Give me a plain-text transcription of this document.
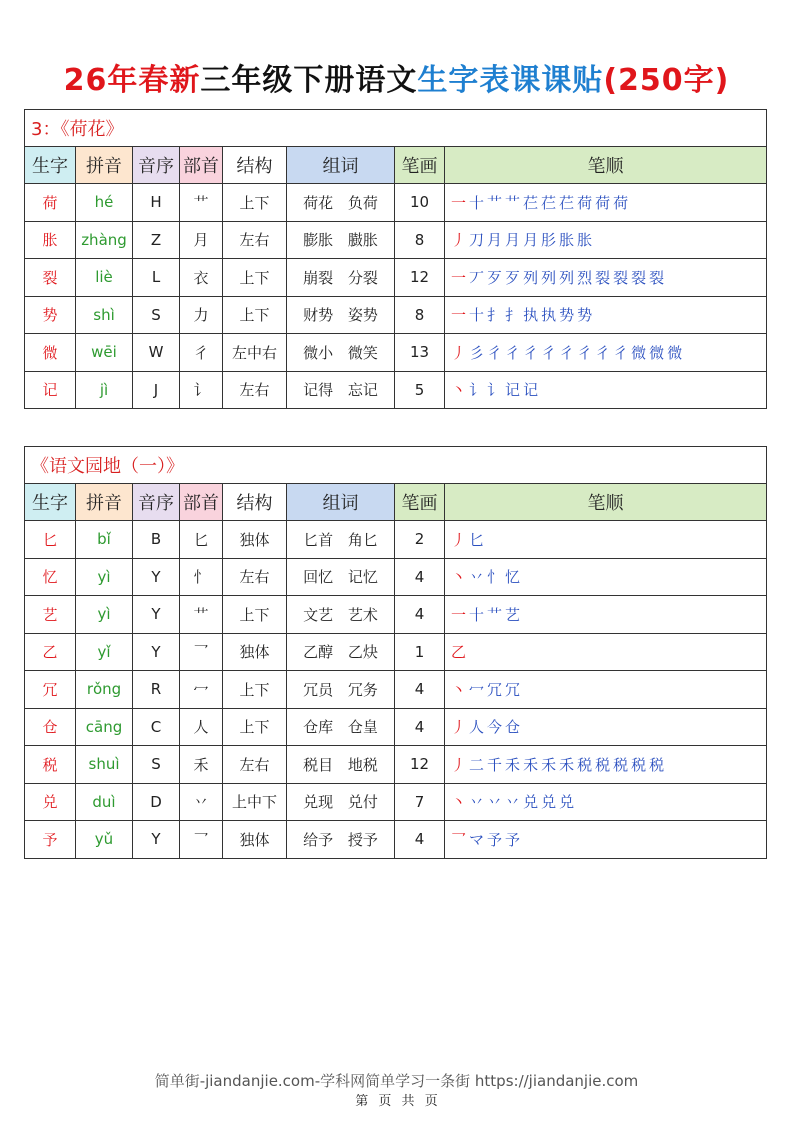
26年春新三年级下册语文生字表课课贴(250字)
3：《荷花》							
生字	拼音	音序	部首	结构	组词	笔画	笔顺
荷	hé	H	艹	上下	荷花 负荷	10	一 十 艹 艹 芢 芢 芢 荷 荷 荷
胀	zhàng	Z	月	左右	膨胀 臌胀	8	丿 刀 月 月 月 肜 胀 胀
裂	liè	L	衣	上下	崩裂 分裂	12	一 丆 歹 歹 列 列 列 烈 裂 裂 裂 裂
势	shì	S	力	上下	财势 姿势	8	一 十 扌 扌 执 执 势 势
微	wēi	W	彳	左中右	微小 微笑	13	丿 彡 彳 彳 彳 彳 彳 彳 彳 彳 微 微 微
记	jì	J	讠	左右	记得 忘记	5	丶 讠 讠 记 记
《语文园地（一）》							
生字	拼音	音序	部首	结构	组词	笔画	笔顺
匕	bǐ	B	匕	独体	匕首 角匕	2	丿 匕
忆	yì	Y	忄	左右	回忆 记忆	4	丶 丷 忄 忆
艺	yì	Y	艹	上下	文艺 艺术	4	一 十 艹 艺
乙	yǐ	Y	乛	独体	乙醇 乙炔	1	乙
冗	rǒng	R	冖	上下	冗员 冗务	4	丶 冖 冗 冗
仓	cāng	C	人	上下	仓库 仓皇	4	丿 人 今 仓
税	shuì	S	禾	左右	税目 地税	12	丿 二 千 禾 禾 禾 禾 税 税 税 税 税
兑	duì	D	丷	上中下	兑现 兑付	7	丶 丷 丷 丷 兑 兑 兑
予	yǔ	Y	乛	独体	给予 授予	4	乛 マ 予 予
简单街-jiandanjie.com-学科网简单学习一条街 https://jiandanjie.com
第 页 共 页
